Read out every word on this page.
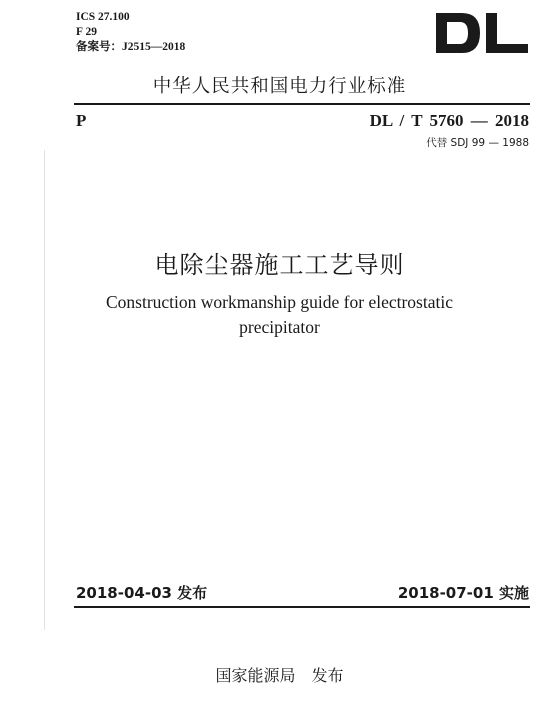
ICS 27.100
F 29
备案号：J2515—2018
中华人民共和国电力行业标准
P	DL / T 5760 — 2018
代替 SDJ 99 — 1988
电除尘器施工工艺导则
Construction workmanship guide for electrostatic
precipitator
2018-04-03 发布	2018-07-01 实施
国家能源局　发布
